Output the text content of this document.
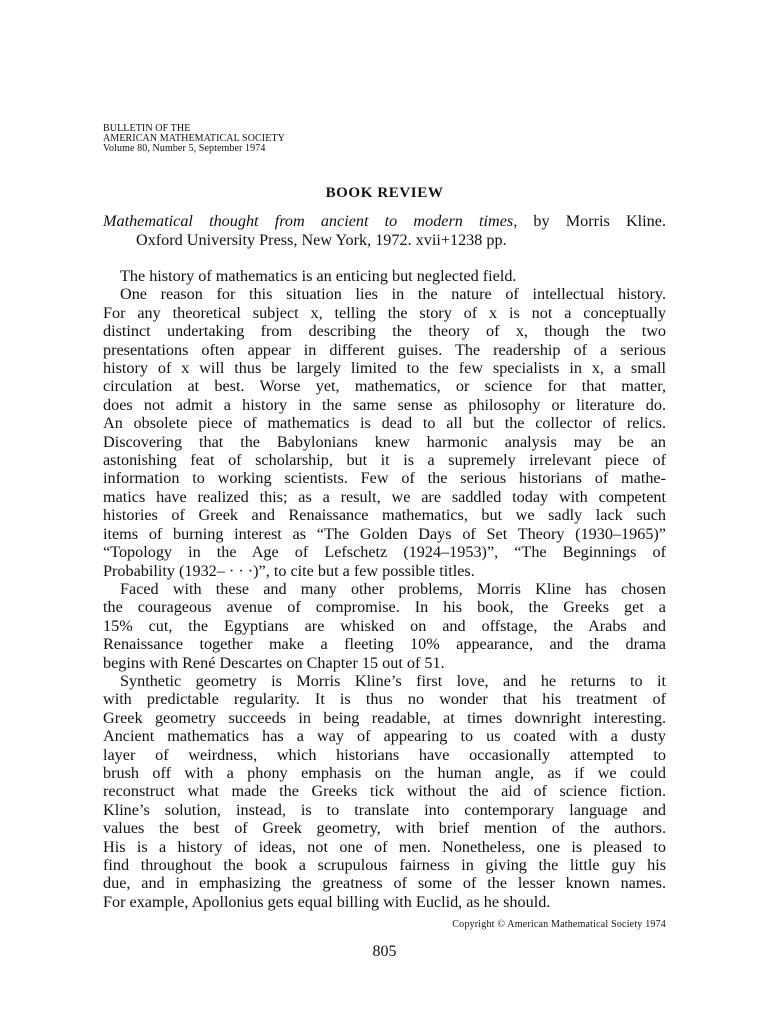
BULLETIN OF THE
AMERICAN MATHEMATICAL SOCIETY
Volume 80, Number 5, September 1974
BOOK REVIEW
Mathematical thought from ancient to modern times, by Morris Kline.
Oxford University Press, New York, 1972. xvii+1238 pp.

The history of mathematics is an enticing but neglected field.

One reason for this situation lies in the nature of intellectual history.
For any theoretical subject x, telling the story of x is not a conceptually
distinct undertaking from describing the theory of x, though the two
presentations often appear in different guises. The readership of a serious
history of x will thus be largely limited to the few specialists in x, a small
circulation at best. Worse yet, mathematics, or science for that matter,
does not admit a history in the same sense as philosophy or literature do.
An obsolete piece of mathematics is dead to all but the collector of relics.
Discovering that the Babylonians knew harmonic analysis may be an
astonishing feat of scholarship, but it is a supremely irrelevant piece of
information to working scientists. Few of the serious historians of mathe-
matics have realized this; as a result, we are saddled today with competent
histories of Greek and Renaissance mathematics, but we sadly lack such
items of burning interest as “The Golden Days of Set Theory (1930–1965)”
“Topology in the Age of Lefschetz (1924–1953)”, “The Beginnings of
Probability (1932– · · ·)”, to cite but a few possible titles.

Faced with these and many other problems, Morris Kline has chosen
the courageous avenue of compromise. In his book, the Greeks get a
15% cut, the Egyptians are whisked on and offstage, the Arabs and
Renaissance together make a fleeting 10% appearance, and the drama
begins with René Descartes on Chapter 15 out of 51.

Synthetic geometry is Morris Kline’s first love, and he returns to it
with predictable regularity. It is thus no wonder that his treatment of
Greek geometry succeeds in being readable, at times downright interesting.
Ancient mathematics has a way of appearing to us coated with a dusty
layer of weirdness, which historians have occasionally attempted to
brush off with a phony emphasis on the human angle, as if we could
reconstruct what made the Greeks tick without the aid of science fiction.
Kline’s solution, instead, is to translate into contemporary language and
values the best of Greek geometry, with brief mention of the authors.
His is a history of ideas, not one of men. Nonetheless, one is pleased to
find throughout the book a scrupulous fairness in giving the little guy his
due, and in emphasizing the greatness of some of the lesser known names.
For example, Apollonius gets equal billing with Euclid, as he should.

Copyright © American Mathematical Society 1974
805
